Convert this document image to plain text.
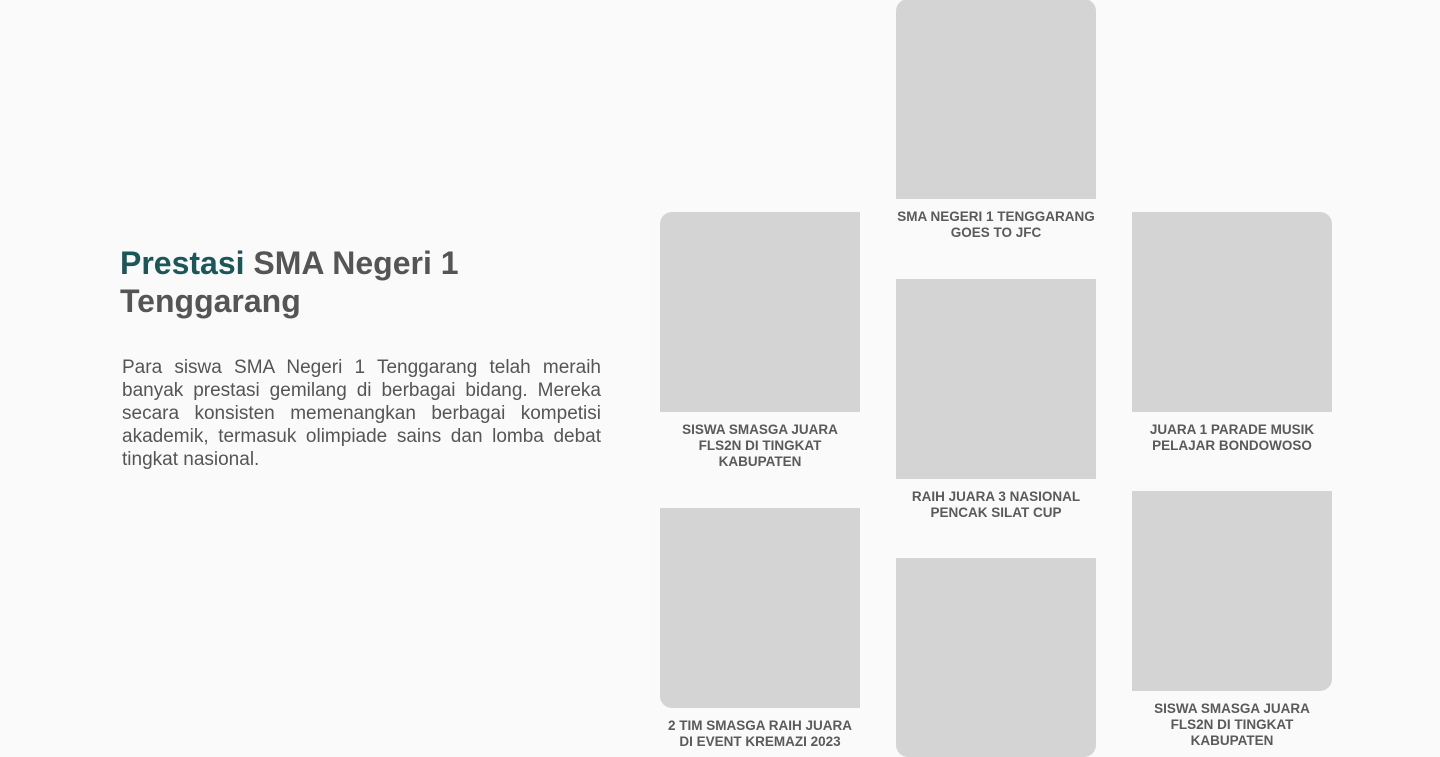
Prestasi SMA Negeri 1 Tenggarang

Para siswa SMA Negeri 1 Tenggarang telah meraih banyak prestasi gemilang di berbagai bidang. Mereka secara konsisten memenangkan berbagai kompetisi akademik, termasuk olimpiade sains dan lomba debat tingkat nasional.

SISWA SMASGA JUARA FLS2N DI TINGKAT KABUPATEN
2 TIM SMASGA RAIH JUARA DI EVENT KREMAZI 2023
SMA NEGERI 1 TENGGARANG GOES TO JFC
RAIH JUARA 3 NASIONAL PENCAK SILAT CUP
JUARA 1 PARADE MUSIK PELAJAR BONDOWOSO
SISWA SMASGA JUARA FLS2N DI TINGKAT KABUPATEN
